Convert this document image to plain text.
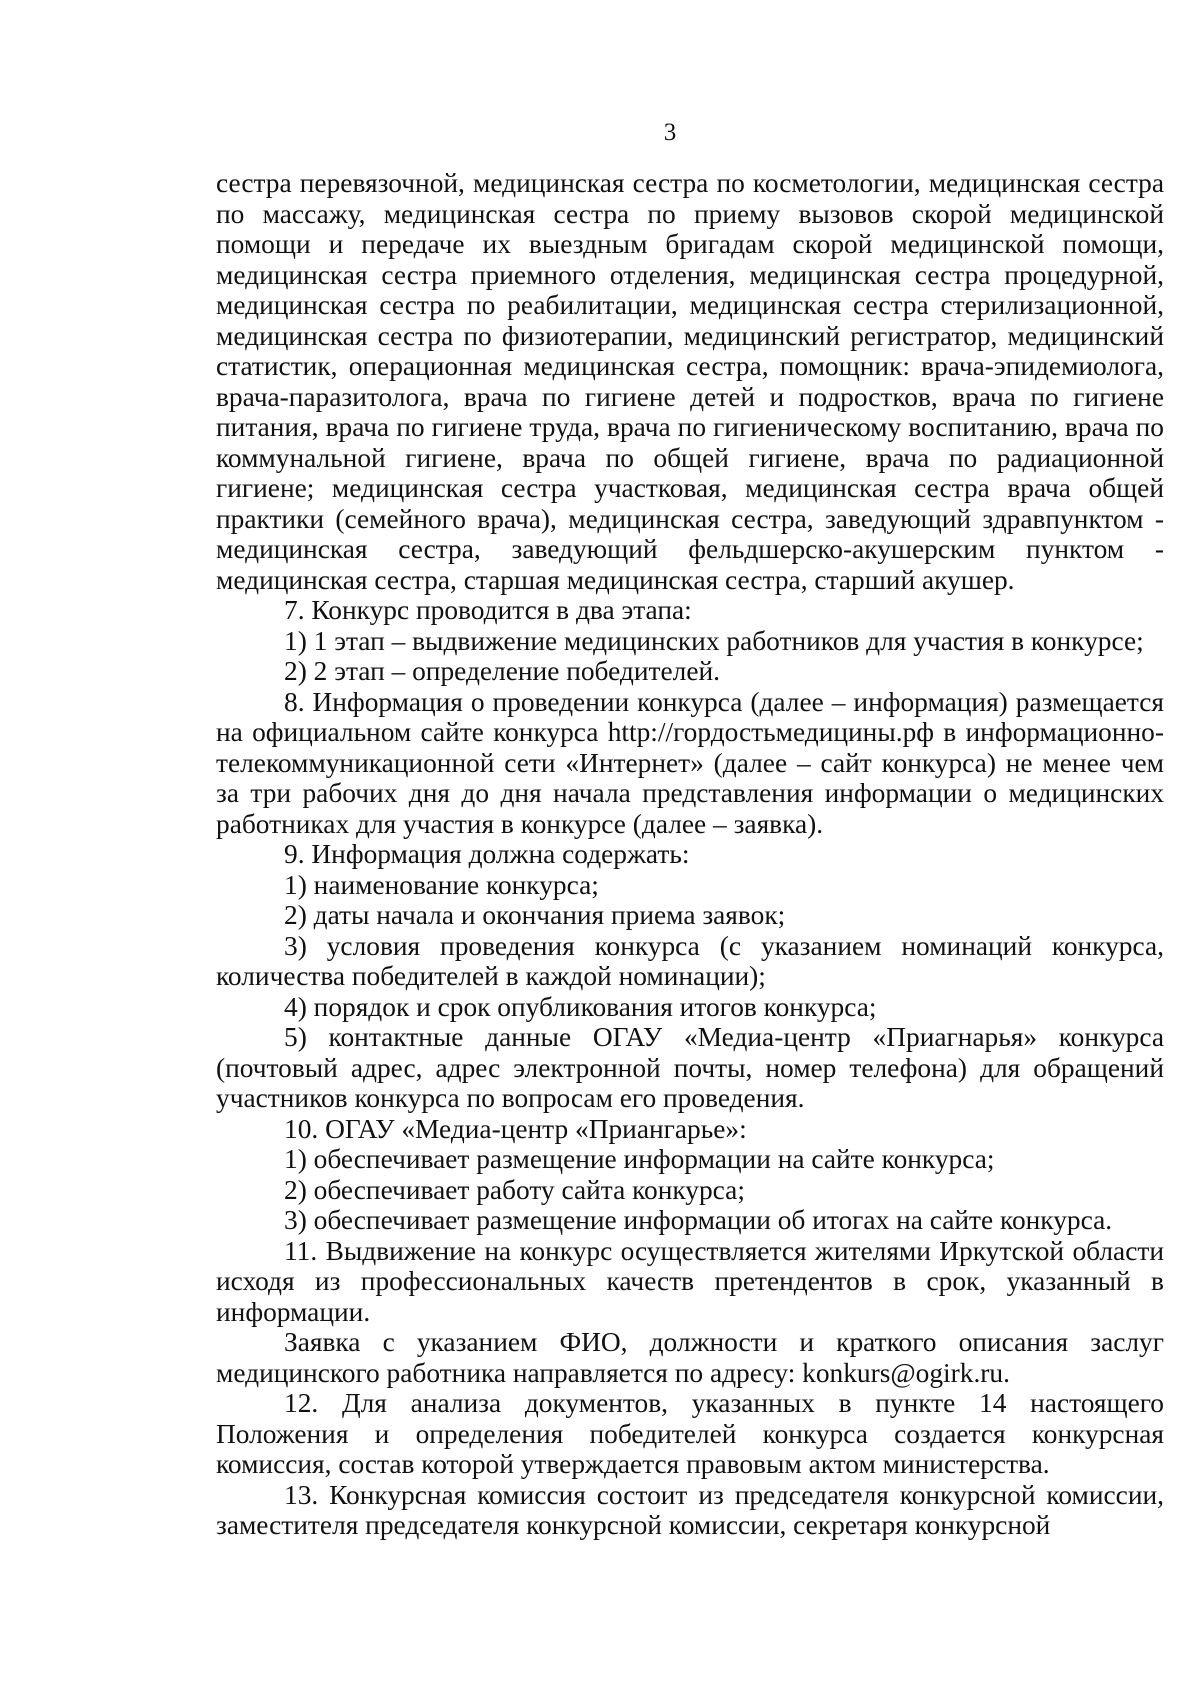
3

сестра перевязочной, медицинская сестра по косметологии, медицинская сестра по массажу, медицинская сестра по приему вызовов скорой медицинской помощи и передаче их выездным бригадам скорой медицинской помощи, медицинская сестра приемного отделения, медицинская сестра процедурной, медицинская сестра по реабилитации, медицинская сестра стерилизационной, медицинская сестра по физиотерапии, медицинский регистратор, медицинский статистик, операционная медицинская сестра, помощник: врача-эпидемиолога, врача-паразитолога, врача по гигиене детей и подростков, врача по гигиене питания, врача по гигиене труда, врача по гигиеническому воспитанию, врача по коммунальной гигиене, врача по общей гигиене, врача по радиационной гигиене; медицинская сестра участковая, медицинская сестра врача общей практики (семейного врача), медицинская сестра, заведующий здравпунктом - медицинская сестра, заведующий фельдшерско-акушерским пунктом - медицинская сестра, старшая медицинская сестра, старший акушер.

7. Конкурс проводится в два этапа:

1) 1 этап – выдвижение медицинских работников для участия в конкурсе;

2) 2 этап – определение победителей.

8. Информация о проведении конкурса (далее – информация) размещается на официальном сайте конкурса http://гордостьмедицины.рф в информационно-телекоммуникационной сети «Интернет» (далее – сайт конкурса) не менее чем за три рабочих дня до дня начала представления информации о медицинских работниках для участия в конкурсе (далее – заявка).

9. Информация должна содержать:

1) наименование конкурса;

2) даты начала и окончания приема заявок;

3) условия проведения конкурса (с указанием номинаций конкурса, количества победителей в каждой номинации);

4) порядок и срок опубликования итогов конкурса;

5) контактные данные ОГАУ «Медиа-центр «Приагнарья» конкурса (почтовый адрес, адрес электронной почты, номер телефона) для обращений участников конкурса по вопросам его проведения.

10. ОГАУ «Медиа-центр «Приангарье»:

1) обеспечивает размещение информации на сайте конкурса;

2) обеспечивает работу сайта конкурса;

3) обеспечивает размещение информации об итогах на сайте конкурса.

11. Выдвижение на конкурс осуществляется жителями Иркутской области исходя из профессиональных качеств претендентов в срок, указанный в информации.

Заявка с указанием ФИО, должности и краткого описания заслуг медицинского работника направляется по адресу: konkurs@ogirk.ru.

12. Для анализа документов, указанных в пункте 14 настоящего Положения и определения победителей конкурса создается конкурсная комиссия, состав которой утверждается правовым актом министерства.

13. Конкурсная комиссия состоит из председателя конкурсной комиссии, заместителя председателя конкурсной комиссии, секретаря конкурсной
